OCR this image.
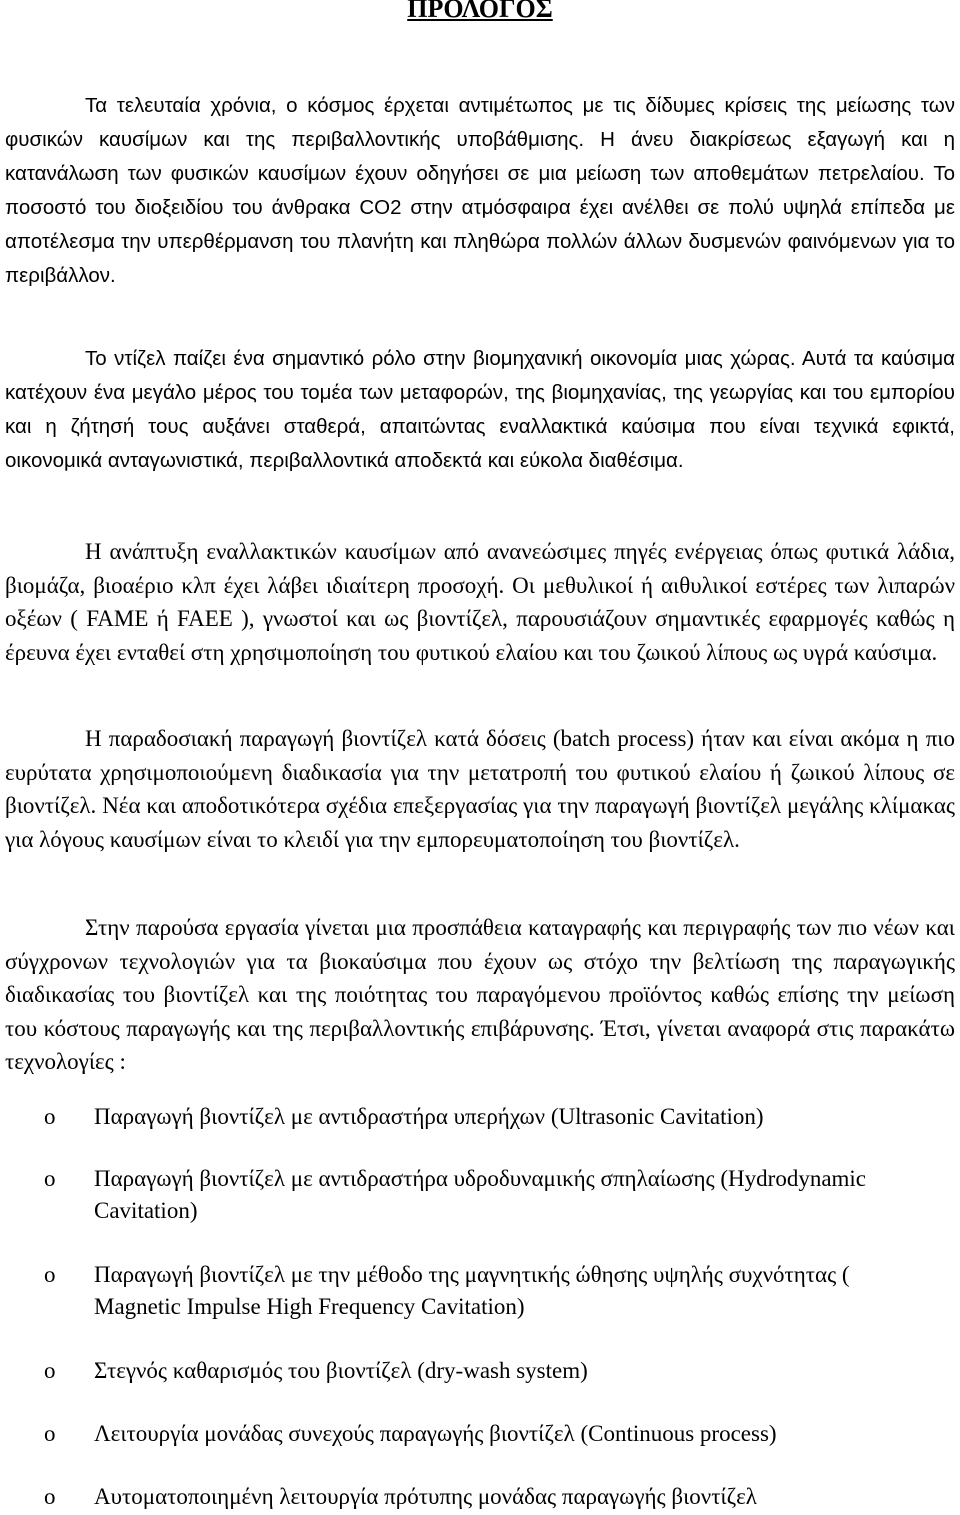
ΠΡΟΛΟΓΟΣ

Τα τελευταία χρόνια, ο κόσμος έρχεται αντιμέτωπος με τις δίδυμες κρίσεις της μείωσης των φυσικών καυσίμων και της περιβαλλοντικής υποβάθμισης. Η άνευ διακρίσεως εξαγωγή και η κατανάλωση των φυσικών καυσίμων έχουν οδηγήσει σε μια μείωση των αποθεμάτων πετρελαίου. Το ποσοστό του διοξειδίου του άνθρακα CO2 στην ατμόσφαιρα έχει ανέλθει σε πολύ υψηλά επίπεδα με αποτέλεσμα την υπερθέρμανση του πλανήτη και πληθώρα πολλών άλλων δυσμενών φαινόμενων για το περιβάλλον.

Το ντίζελ παίζει ένα σημαντικό ρόλο στην βιομηχανική οικονομία μιας χώρας. Αυτά τα καύσιμα κατέχουν ένα μεγάλο μέρος του τομέα των μεταφορών, της βιομηχανίας, της γεωργίας και του εμπορίου και η ζήτησή τους αυξάνει σταθερά, απαιτώντας εναλλακτικά καύσιμα που είναι τεχνικά εφικτά, οικονομικά ανταγωνιστικά, περιβαλλοντικά αποδεκτά και εύκολα διαθέσιμα.

Η ανάπτυξη εναλλακτικών καυσίμων από ανανεώσιμες πηγές ενέργειας όπως φυτικά λάδια, βιομάζα, βιοαέριο κλπ έχει λάβει ιδιαίτερη προσοχή. Οι μεθυλικοί ή αιθυλικοί εστέρες των λιπαρών οξέων ( FAME ή FAEE ), γνωστοί και ως βιοντίζελ, παρουσιάζουν σημαντικές εφαρμογές καθώς η έρευνα έχει ενταθεί στη χρησιμοποίηση του φυτικού ελαίου και του ζωικού λίπους ως υγρά καύσιμα.

Η παραδοσιακή παραγωγή βιοντίζελ κατά δόσεις (batch process) ήταν και είναι ακόμα η πιο ευρύτατα χρησιμοποιούμενη διαδικασία για την μετατροπή του φυτικού ελαίου ή ζωικού λίπους σε βιοντίζελ. Νέα και αποδοτικότερα σχέδια επεξεργασίας για την παραγωγή βιοντίζελ μεγάλης κλίμακας για λόγους καυσίμων είναι το κλειδί για την εμπορευματοποίηση του βιοντίζελ.

Στην παρούσα εργασία γίνεται μια προσπάθεια καταγραφής και περιγραφής των πιο νέων και σύγχρονων τεχνολογιών για τα βιοκαύσιμα που έχουν ως στόχο την βελτίωση της παραγωγικής διαδικασίας του βιοντίζελ και της ποιότητας του παραγόμενου προϊόντος καθώς επίσης την μείωση του κόστους παραγωγής και της περιβαλλοντικής επιβάρυνσης. Έτσι, γίνεται αναφορά στις παρακάτω τεχνολογίες :

o Παραγωγή βιοντίζελ με αντιδραστήρα υπερήχων (Ultrasonic Cavitation)
o Παραγωγή βιοντίζελ με αντιδραστήρα υδροδυναμικής σπηλαίωσης (Hydrodynamic Cavitation)
o Παραγωγή βιοντίζελ με την μέθοδο της μαγνητικής ώθησης υψηλής συχνότητας ( Magnetic Impulse High Frequency Cavitation)
o Στεγνός καθαρισμός του βιοντίζελ (dry-wash system)
o Λειτουργία μονάδας συνεχούς παραγωγής βιοντίζελ (Continuous process)
o Αυτοματοποιημένη λειτουργία πρότυπης μονάδας παραγωγής βιοντίζελ
